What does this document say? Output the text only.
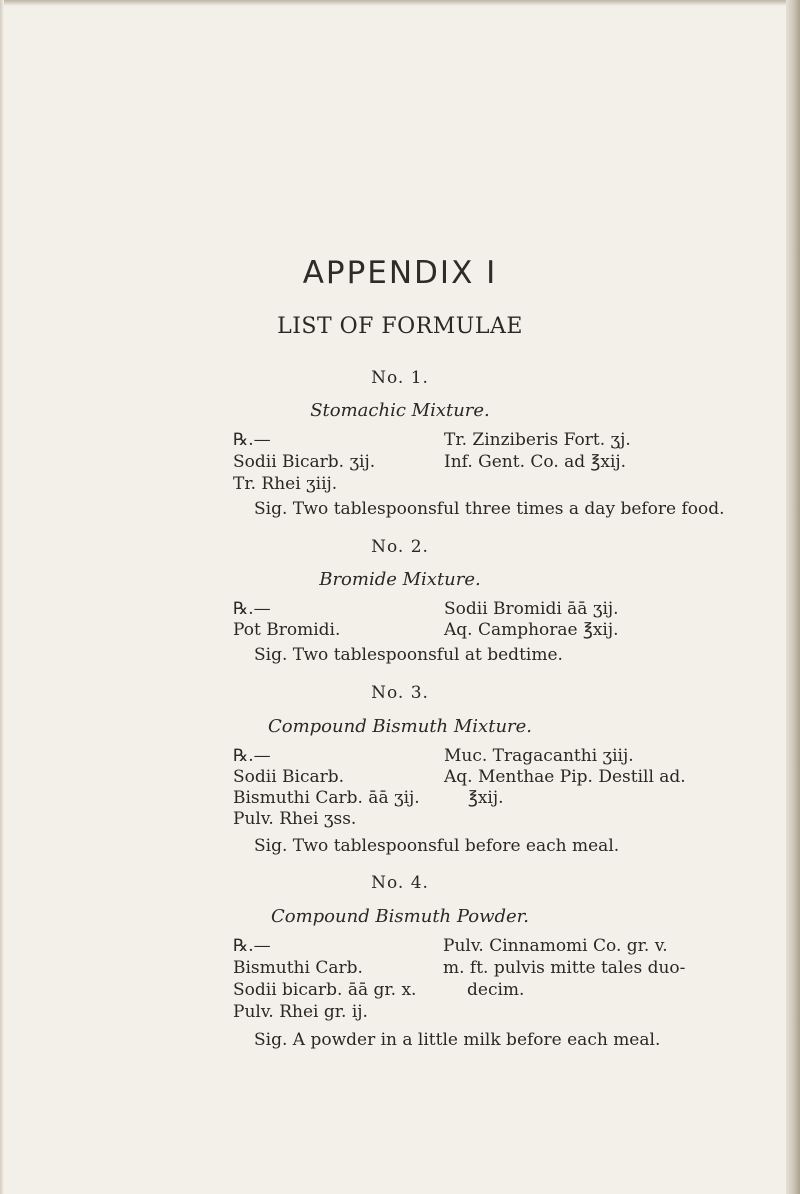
APPENDIX I
LIST OF FORMULAE
No. 1.
Stomachic Mixture.
℞.—
Sodii Bicarb. ʒij.
Tr. Rhei ʒiij.
Tr. Zinziberis Fort. ʒj.
Inf. Gent. Co. ad ℥xij.
Sig. Two tablespoonsful three times a day before food.
No. 2.
Bromide Mixture.
℞.—
Pot Bromidi.
Sodii Bromidi āā ʒij.
Aq. Camphorae ℥xij.
Sig. Two tablespoonsful at bedtime.
No. 3.
Compound Bismuth Mixture.
℞.—
Sodii Bicarb.
Bismuthi Carb. āā ʒij.
Pulv. Rhei ʒss.
Muc. Tragacanthi ʒiij.
Aq. Menthae Pip. Destill ad.
℥xij.
Sig. Two tablespoonsful before each meal.
No. 4.
Compound Bismuth Powder.
℞.—
Bismuthi Carb.
Sodii bicarb. āā gr. x.
Pulv. Rhei gr. ij.
Pulv. Cinnamomi Co. gr. v.
m. ft. pulvis mitte tales duo-
decim.
Sig. A powder in a little milk before each meal.
